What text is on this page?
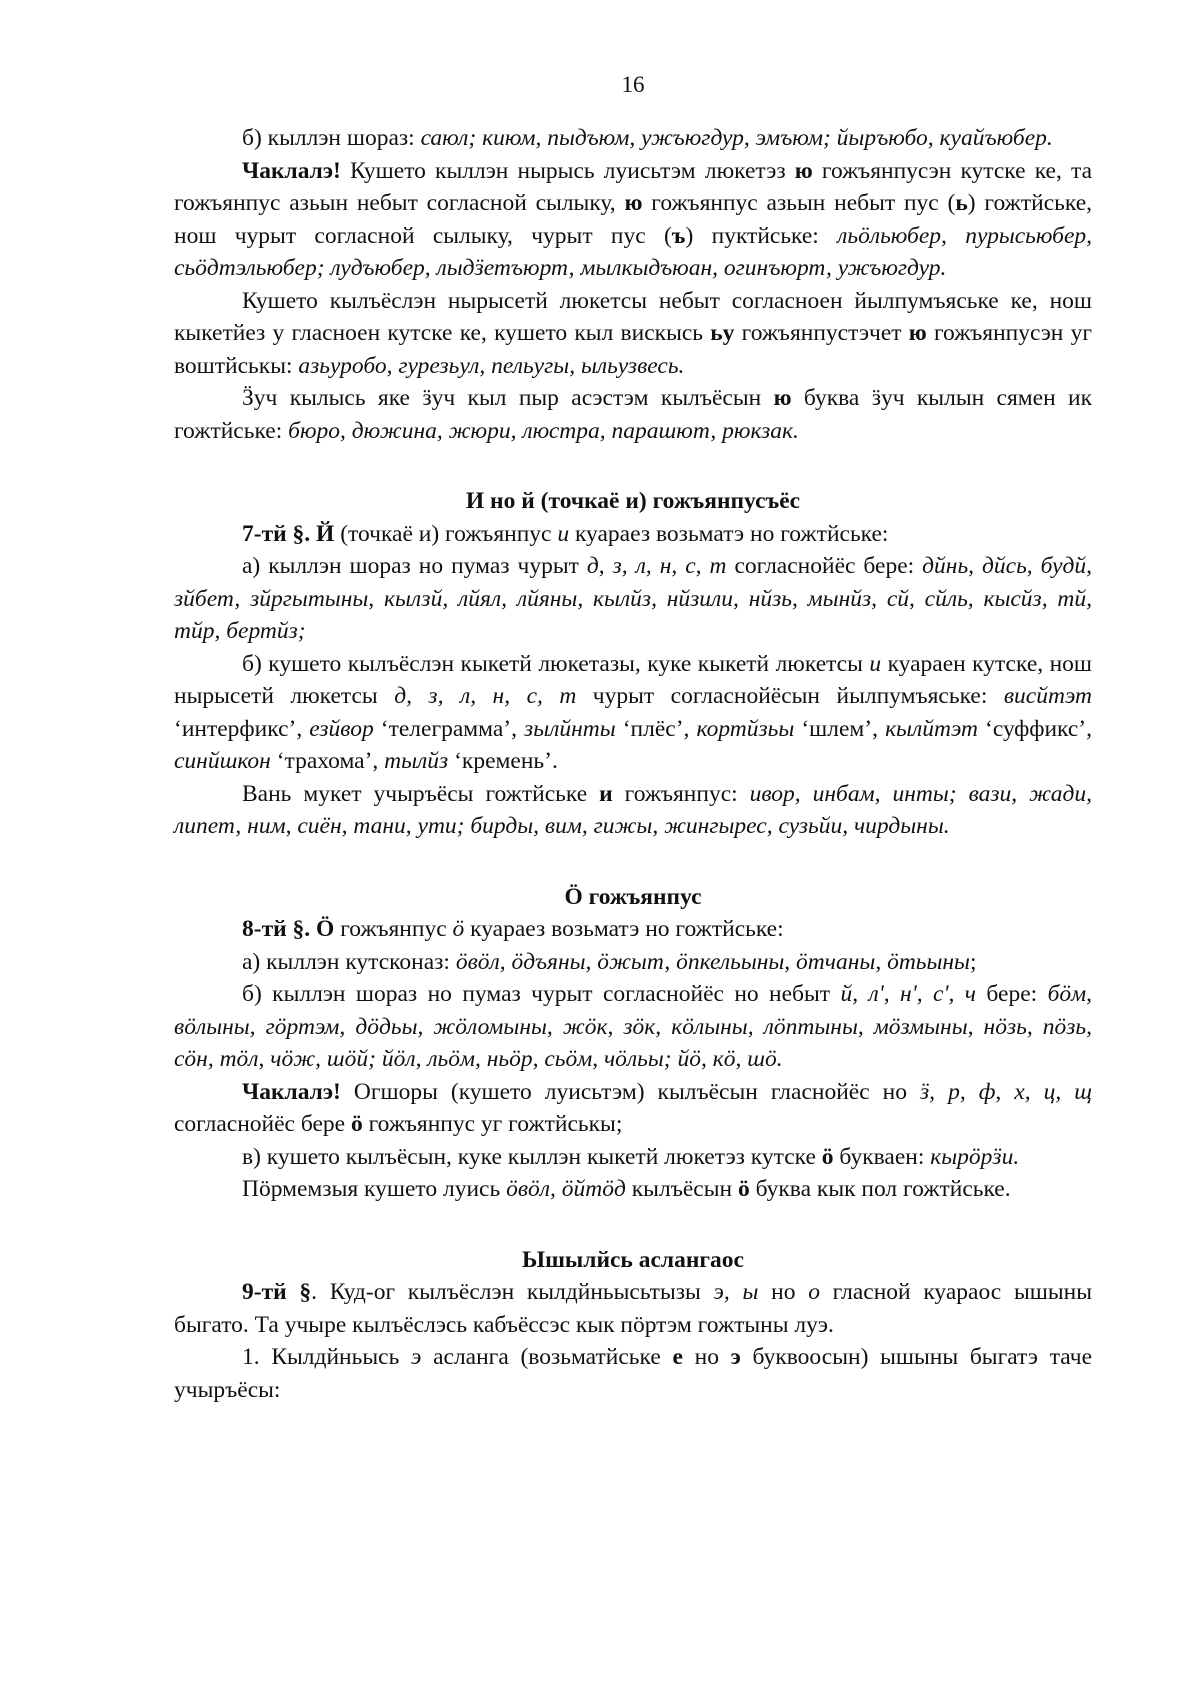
16

б) кыллэн шораз: саюл; киюм, пыдъюм, ужъюгдур, эмъюм; йыръюбо, куайъюбер.

Чаклалэ! Кушето кыллэн нырысь луисьтэм люкетэз ю гожъянпусэн кутске ке, та гожъянпус азьын небыт согласной сылыку, ю гожъянпус азьын небыт пус (ь) гожтйське, нош чурыт согласной сылыку, чурыт пус (ъ) пуктйське: льӧльюбер, пурысьюбер, сьӧдтэльюбер; лудъюбер, лыдӟетъюрт, мылкыдъюан, огинъюрт, ужъюгдур.

Кушето кылъёслэн нырысетй люкетсы небыт согласноен йылпумъяське ке, нош кыкетйез у гласноен кутске ке, кушето кыл вискысь ьу гожъянпустэчет ю гожъянпусэн уг воштйськы: азьуробо, гурезьул, пельугы, ыльузвесь.

Ӟуч кылысь яке ӟуч кыл пыр асэстэм кылъёсын ю буква ӟуч кылын сямен ик гожтйське: бюро, дюжина, жюри, люстра, парашют, рюкзак.

И но й (точкаё и) гожъянпусъёс

7-тй §. Й (точкаё и) гожъянпус и куараез возьматэ но гожтйське:

а) кыллэн шораз но пумаз чурыт д, з, л, н, с, т согласнойёс бере: дйнь, дйсь, будй, зйбет, зйргытыны, кылзй, лйял, лйяны, кылйз, нйзили, нйзь, мынйз, сй, сйль, кысйз, тй, тйр, бертйз;

б) кушето кылъёслэн кыкетй люкетазы, куке кыкетй люкетсы и куараен кутске, нош нырысетй люкетсы д, з, л, н, с, т чурыт согласнойёсын йылпумъяське: висйтэт ‘интерфикс’, езйвор ‘телеграмма’, зылйнты ‘плёс’, кортйзьы ‘шлем’, кылйтэт ‘суффикс’, синйшкон ‘трахома’, тылйз ‘кремень’.

Вань мукет учыръёсы гожтйське и гожъянпус: ивор, инбам, инты; вази, жади, липет, ним, сиён, тани, ути; бирды, вим, гижы, жингырес, сузьйи, чирдыны.

Ӧ гожъянпус

8-тй §. Ӧ гожъянпус ӧ куараез возьматэ но гожтйське:

а) кыллэн кутсконаз: ӧвӧл, ӧдъяны, ӧжыт, ӧпкельыны, ӧтчаны, ӧтьыны;

б) кыллэн шораз но пумаз чурыт согласнойёс но небыт й, л', н', с', ч бере: бӧм, вӧлыны, гӧртэм, дӧдьы, жӧломыны, жӧк, зӧк, кӧлыны, лӧптыны, мӧзмыны, нӧзь, пӧзь, сӧн, тӧл, чӧж, шӧй; йӧл, льӧм, ньӧр, сьӧм, чӧльы; йӧ, кӧ, шӧ.

Чаклалэ! Огшоры (кушето луисьтэм) кылъёсын гласнойёс но ӟ, р, ф, х, ц, щ согласнойёс бере ӧ гожъянпус уг гожтйськы;

в) кушето кылъёсын, куке кыллэн кыкетй люкетэз кутске ӧ букваен: кырӧрӟи.

Пӧрмемзыя кушето луись ӧвӧл, ӧйтӧд кылъёсын ӧ буква кык пол гожтйське.

Ышылйсь аслангаос

9-тй §. Куд-ог кылъёслэн кылдйньысьтызы э, ы но о гласной куараос ышыны быгато. Та учыре кылъёслэсь кабъёссэс кык пӧртэм гожтыны луэ.

1. Кылдйньысь э асланга (возьматйське е но э буквоосын) ышыны быгатэ таче учыръёсы:
